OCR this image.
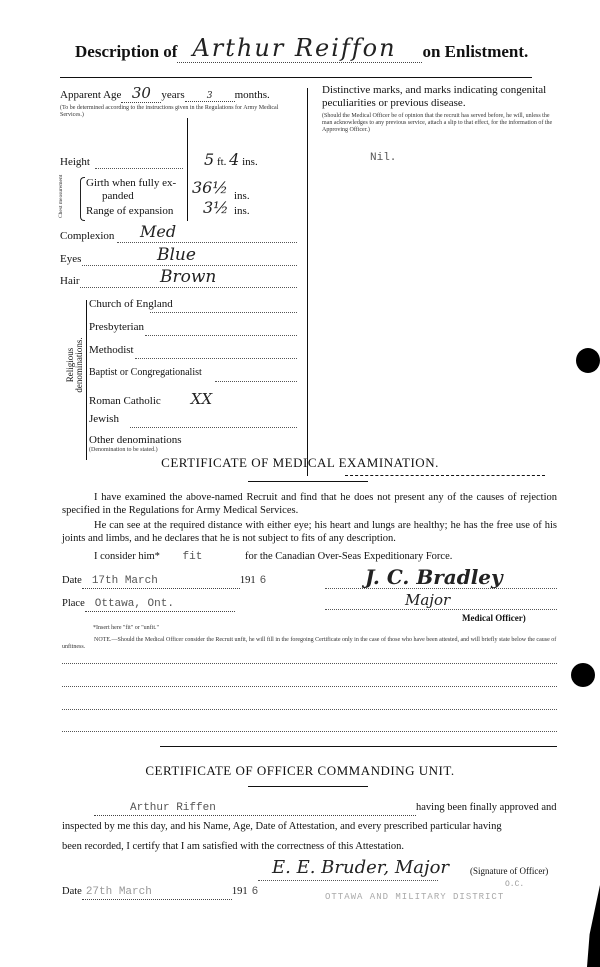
Description of Arthur Reiffon on Enlistment.
Apparent Age 30 years 3 months.
(To be determined according to the instructions given in the Regulations for Army Medical Services.)
Height	5 ft. 4 ins.
Chest measurement Girth when fully ex-
panded	36½ ins.
Range of expansion 3½ ins.
Complexion Med
Eyes	Blue
Hair	Brown
Religious denominations.
Church of England
Presbyterian
Methodist
Baptist or Congregationalist
Roman Catholic XX
Jewish
Other denominations
(Denomination to be stated.)
Distinctive marks, and marks indicating congenital
peculiarities or previous disease.
(Should the Medical Officer be of opinion that the recruit has served before, he will, unless the man acknowledges to any previous service, attach a slip to that effect, for the information of the Approving Officer.)
Nil.
CERTIFICATE OF MEDICAL EXAMINATION.
I have examined the above-named Recruit and find that he does not present any of the causes of rejection specified in the Regulations for Army Medical Services.
He can see at the required distance with either eye; his heart and lungs are healthy; he has the free use of his joints and limbs, and he declares that he is not subject to fits of any description.
I consider him* fit	for the Canadian Over-Seas Expeditionary Force.
Date 17th March	191 6
Place Ottawa, Ont.
J. C. Bradley
Major
Medical Officer)
*Insert here "fit" or "unfit."
NOTE.—Should the Medical Officer consider the Recruit unfit, he will fill in the foregoing Certificate only in the case of those who have been attested, and will briefly state below the cause of unfitness.
CERTIFICATE OF OFFICER COMMANDING UNIT.
Arthur Riffen	having been finally approved and
inspected by me this day, and his Name, Age, Date of Attestation, and every prescribed particular having
been recorded, I certify that I am satisfied with the correctness of this Attestation.
E. E. Bruder, Major (Signature of Officer)
O.C.
OTTAWA AND MILITARY DISTRICT
Date 27th March	191 6
